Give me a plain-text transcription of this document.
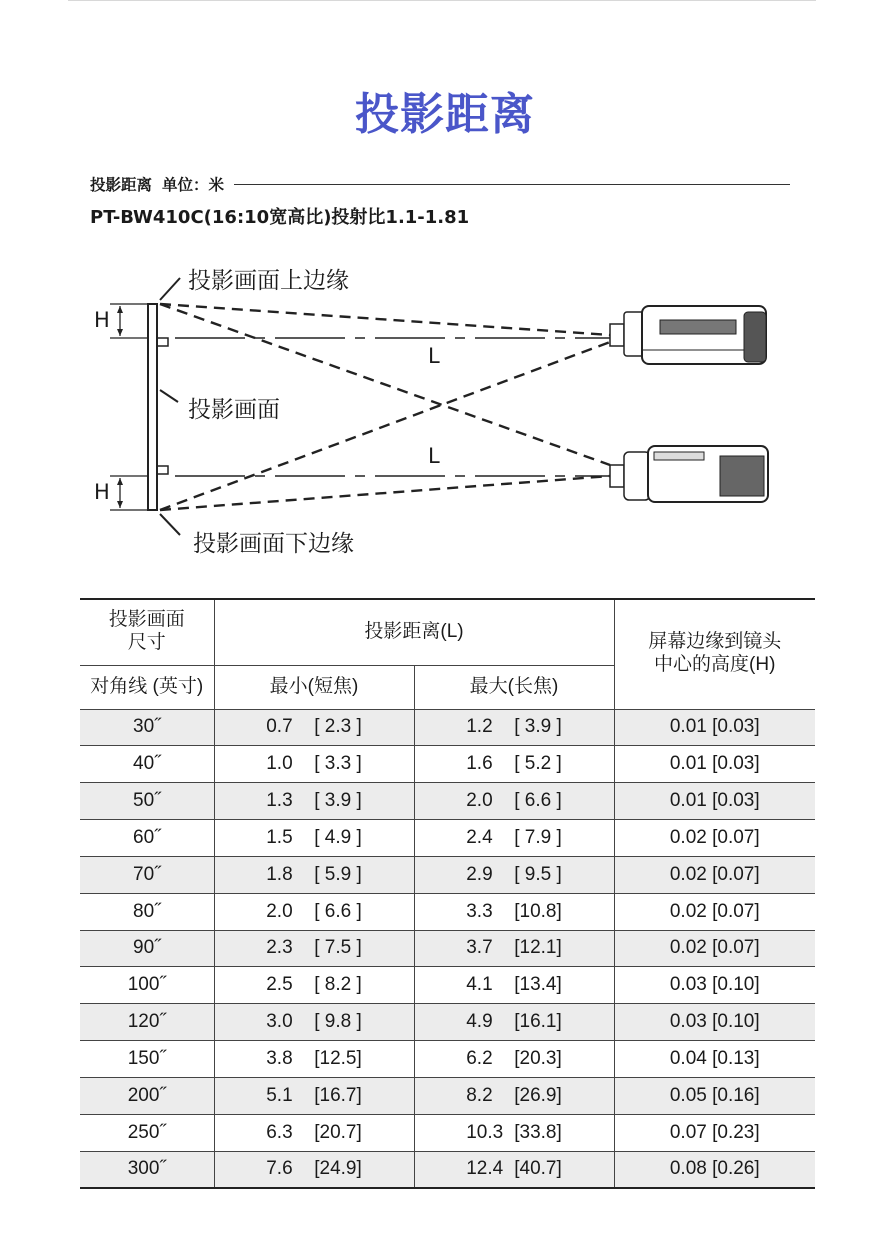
投影距离
投影距离 单位：米
PT-BW410C(16:10宽高比)投射比1.1-1.81
投影画面上边缘
投影画面
投影画面下边缘
H
H
L
L
投影画面
尺寸	投影距离(L)		屏幕边缘到镜头
中心的高度(H)
对角线 (英寸)	最小(短焦)	最大(长焦)	
30˝	0.7 [ 2.3 ]	1.2 [ 3.9 ]	0.01 [0.03]
40˝	1.0 [ 3.3 ]	1.6 [ 5.2 ]	0.01 [0.03]
50˝	1.3 [ 3.9 ]	2.0 [ 6.6 ]	0.01 [0.03]
60˝	1.5 [ 4.9 ]	2.4 [ 7.9 ]	0.02 [0.07]
70˝	1.8 [ 5.9 ]	2.9 [ 9.5 ]	0.02 [0.07]
80˝	2.0 [ 6.6 ]	3.3 [10.8]	0.02 [0.07]
90˝	2.3 [ 7.5 ]	3.7 [12.1]	0.02 [0.07]
100˝	2.5 [ 8.2 ]	4.1 [13.4]	0.03 [0.10]
120˝	3.0 [ 9.8 ]	4.9 [16.1]	0.03 [0.10]
150˝	3.8 [12.5]	6.2 [20.3]	0.04 [0.13]
200˝	5.1 [16.7]	8.2 [26.9]	0.05 [0.16]
250˝	6.3 [20.7]	10.3 [33.8]	0.07 [0.23]
300˝	7.6 [24.9]	12.4 [40.7]	0.08 [0.26]
